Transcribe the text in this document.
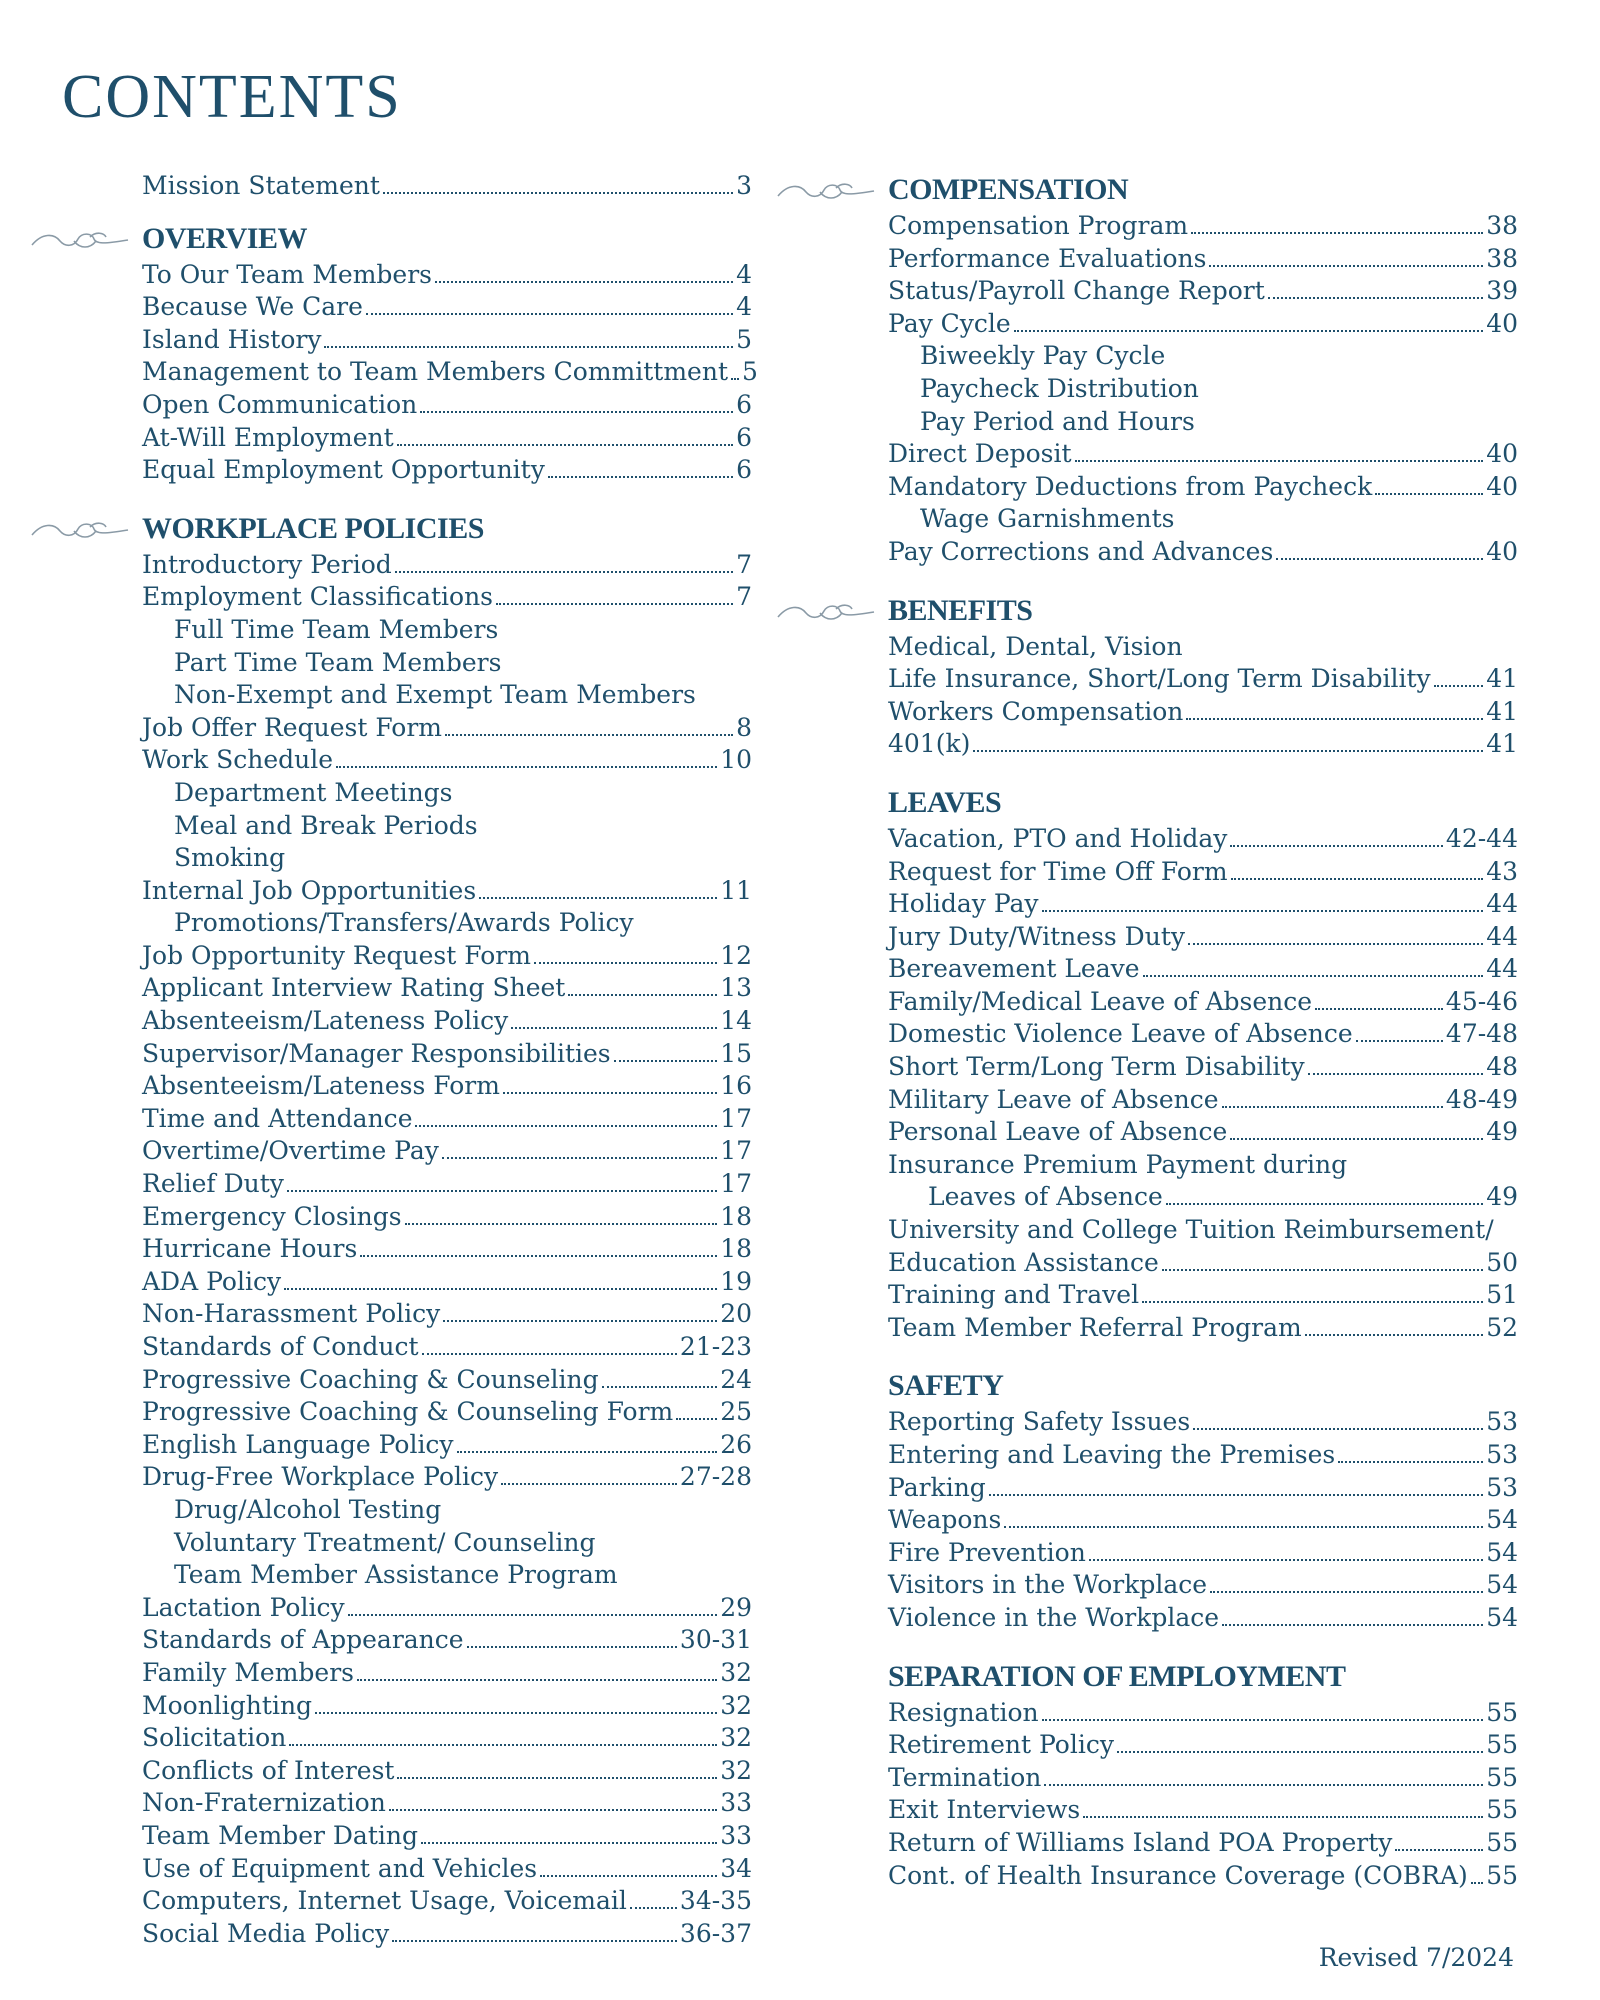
CONTENTS
Mission Statement	3
OVERVIEW
To Our Team Members	4
Because We Care	4
Island History	5
Management to Team Members Committment 5
Open Communication	6
At-Will Employment	6
Equal Employment Opportunity	6
WORKPLACE POLICIES
Introductory Period	7
Employment Classifications	7
Full Time Team Members
Part Time Team Members
Non-Exempt and Exempt Team Members
Job Offer Request Form	8
Work Schedule	10
Department Meetings
Meal and Break Periods
Smoking
Internal Job Opportunities	11
Promotions/Transfers/Awards Policy
Job Opportunity Request Form	12
Applicant Interview Rating Sheet	13
Absenteeism/Lateness Policy	14
Supervisor/Manager Responsibilities	15
Absenteeism/Lateness Form	16
Time and Attendance	17
Overtime/Overtime Pay	17
Relief Duty	17
Emergency Closings	18
Hurricane Hours	18
ADA Policy	19
Non-Harassment Policy	20
Standards of Conduct	21-23
Progressive Coaching & Counseling	24
Progressive Coaching & Counseling Form 25
English Language Policy	26
Drug-Free Workplace Policy	27-28
Drug/Alcohol Testing
Voluntary Treatment/ Counseling
Team Member Assistance Program
Lactation Policy	29
Standards of Appearance	30-31
Family Members	32
Moonlighting	32
Solicitation	32
Conflicts of Interest	32
Non-Fraternization	33
Team Member Dating	33
Use of Equipment and Vehicles	34
Computers, Internet Usage, Voicemail 34-35
Social Media Policy	36-37
COMPENSATION
Compensation Program	38
Performance Evaluations	38
Status/Payroll Change Report	39
Pay Cycle	40
Biweekly Pay Cycle
Paycheck Distribution
Pay Period and Hours
Direct Deposit	40
Mandatory Deductions from Paycheck	40
Wage Garnishments
Pay Corrections and Advances	40
BENEFITS
Medical, Dental, Vision
Life Insurance, Short/Long Term Disability 41
Workers Compensation	41
401(k)	41
LEAVES
Vacation, PTO and Holiday	42-44
Request for Time Off Form	43
Holiday Pay	44
Jury Duty/Witness Duty	44
Bereavement Leave	44
Family/Medical Leave of Absence	45-46
Domestic Violence Leave of Absence	47-48
Short Term/Long Term Disability	48
Military Leave of Absence	48-49
Personal Leave of Absence	49
Insurance Premium Payment during
Leaves of Absence	49
University and College Tuition Reimbursement/
Education Assistance	50
Training and Travel	51
Team Member Referral Program	52
SAFETY
Reporting Safety Issues	53
Entering and Leaving the Premises	53
Parking	53
Weapons	54
Fire Prevention	54
Visitors in the Workplace	54
Violence in the Workplace	54
SEPARATION OF EMPLOYMENT
Resignation	55
Retirement Policy	55
Termination	55
Exit Interviews	55
Return of Williams Island POA Property	55
Cont. of Health Insurance Coverage (COBRA) 55
Revised 7/2024
